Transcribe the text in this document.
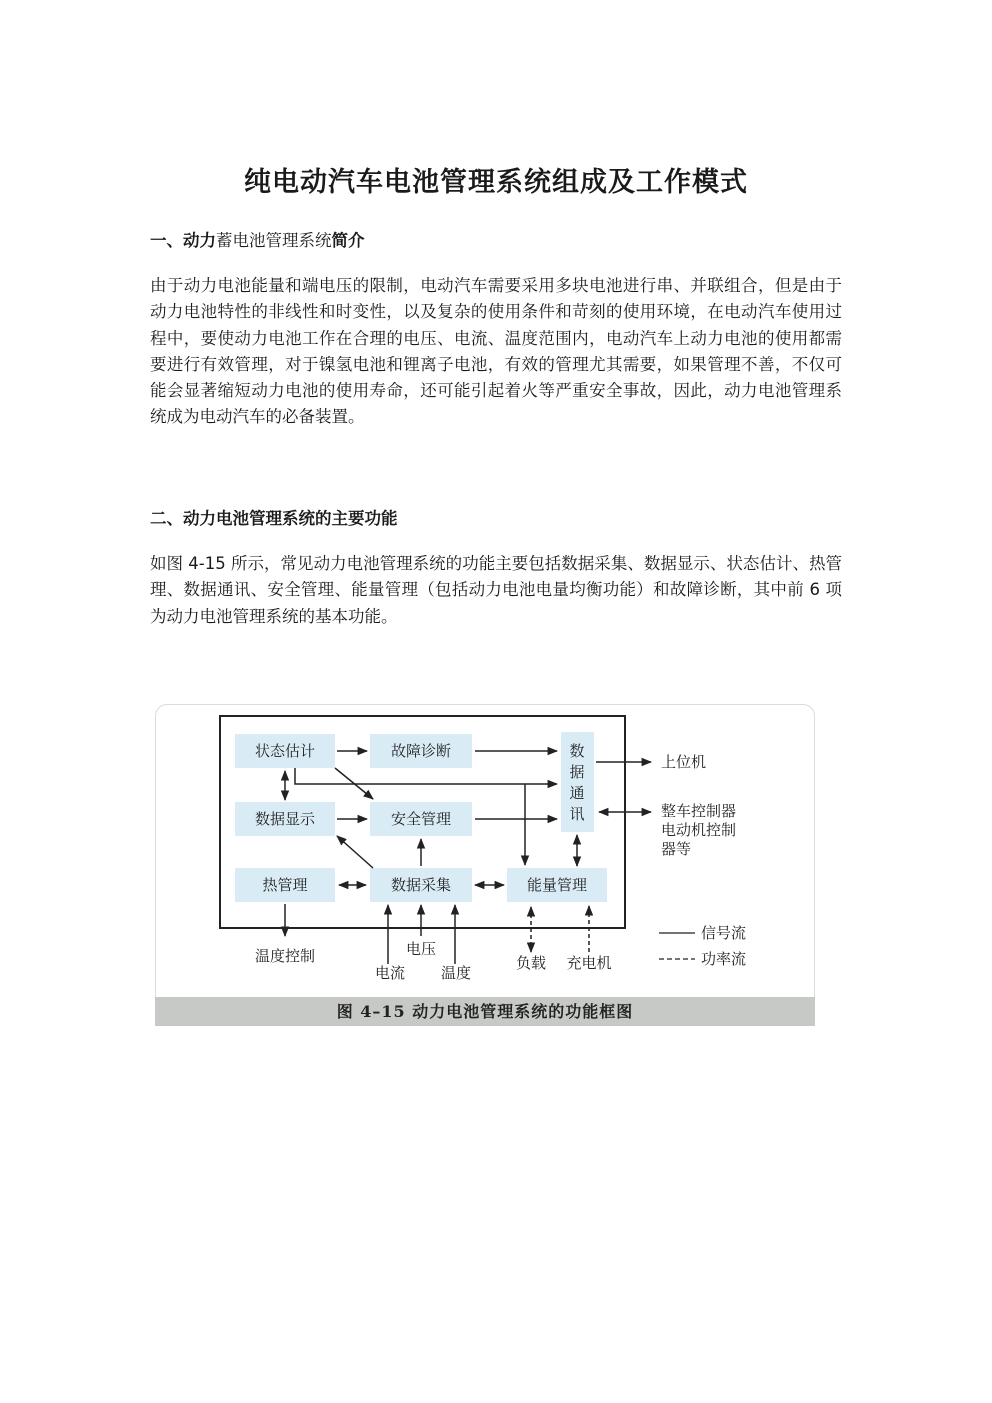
纯电动汽车电池管理系统组成及工作模式

一、动力蓄电池管理系统简介

由于动力电池能量和端电压的限制，电动汽车需要采用多块电池进行串、并联组合，但是由于动力电池特性的非线性和时变性，以及复杂的使用条件和苛刻的使用环境，在电动汽车使用过程中，要使动力电池工作在合理的电压、电流、温度范围内，电动汽车上动力电池的使用都需要进行有效管理，对于镍氢电池和锂离子电池，有效的管理尤其需要，如果管理不善，不仅可能会显著缩短动力电池的使用寿命，还可能引起着火等严重安全事故，因此，动力电池管理系统成为电动汽车的必备装置。

二、动力电池管理系统的主要功能

如图 4-15 所示，常见动力电池管理系统的功能主要包括数据采集、数据显示、状态估计、热管理、数据通讯、安全管理、能量管理（包括动力电池电量均衡功能）和故障诊断，其中前 6 项为动力电池管理系统的基本功能。

状态估计	故障诊断
数据显示	安全管理
热管理	数据采集	能量管理
数
据
通
讯
上位机
整车控制器
电动机控制
器等
温度控制	电压
电流 温度
负载 充电机
信号流
功率流
图 4–15 动力电池管理系统的功能框图
